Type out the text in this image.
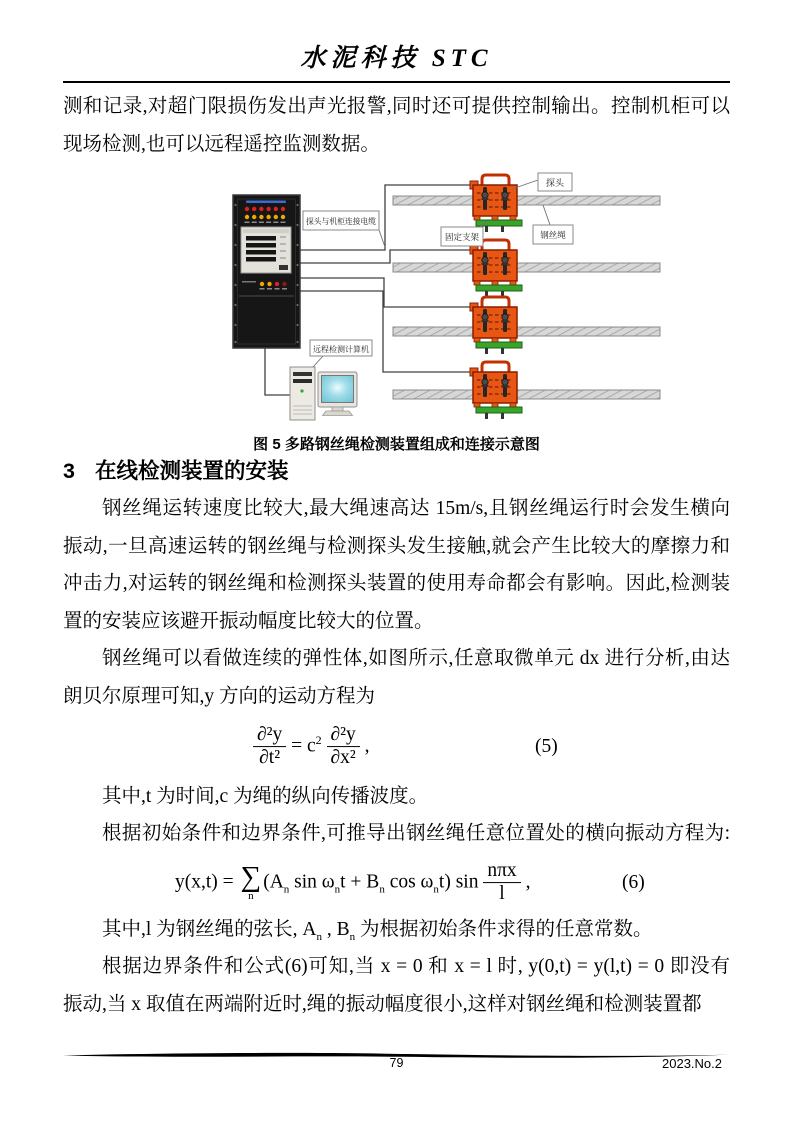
水泥科技 STC
测和记录,对超门限损伤发出声光报警,同时还可提供控制输出。控制机柜可以
现场检测,也可以远程遥控监测数据。
探头与机柜连接电缆
探头
固定支架	钢丝绳
远程检测计算机
图 5 多路钢丝绳检测装置组成和连接示意图
3 在线检测装置的安装
钢丝绳运转速度比较大,最大绳速高达 15m/s,且钢丝绳运行时会发生横向
振动,一旦高速运转的钢丝绳与检测探头发生接触,就会产生比较大的摩擦力和
冲击力,对运转的钢丝绳和检测探头装置的使用寿命都会有影响。因此,检测装
置的安装应该避开振动幅度比较大的位置。
钢丝绳可以看做连续的弹性体,如图所示,任意取微单元 dx 进行分析,由达
朗贝尔原理可知,y 方向的运动方程为
$\frac{\text{∂²y}}{\text{∂t²}} = c^2 \frac{\text{∂²y}}{\text{∂x²}}$ ,	(5)
其中,t 为时间,c 为绳的纵向传播波度。
根据初始条件和边界条件,可推导出钢丝绳任意位置处的横向振动方程为:
y(x,t) = ∑
n
($A_n$ $\sin \omega_nt + B_n$ $\cos \omega_nt$) $\sin \frac{\text{nπx}}{l}$ ,	(6)
其中,l 为钢丝绳的弦长, $A_n$ , $B_n$ 为根据初始条件求得的任意常数。
根据边界条件和公式(6)可知,当 x = 0 和 x = l 时, y(0,t) = y(l,t) = 0 即没有
振动,当 x 取值在两端附近时,绳的振动幅度很小,这样对钢丝绳和检测装置都
79	2023.No.2
